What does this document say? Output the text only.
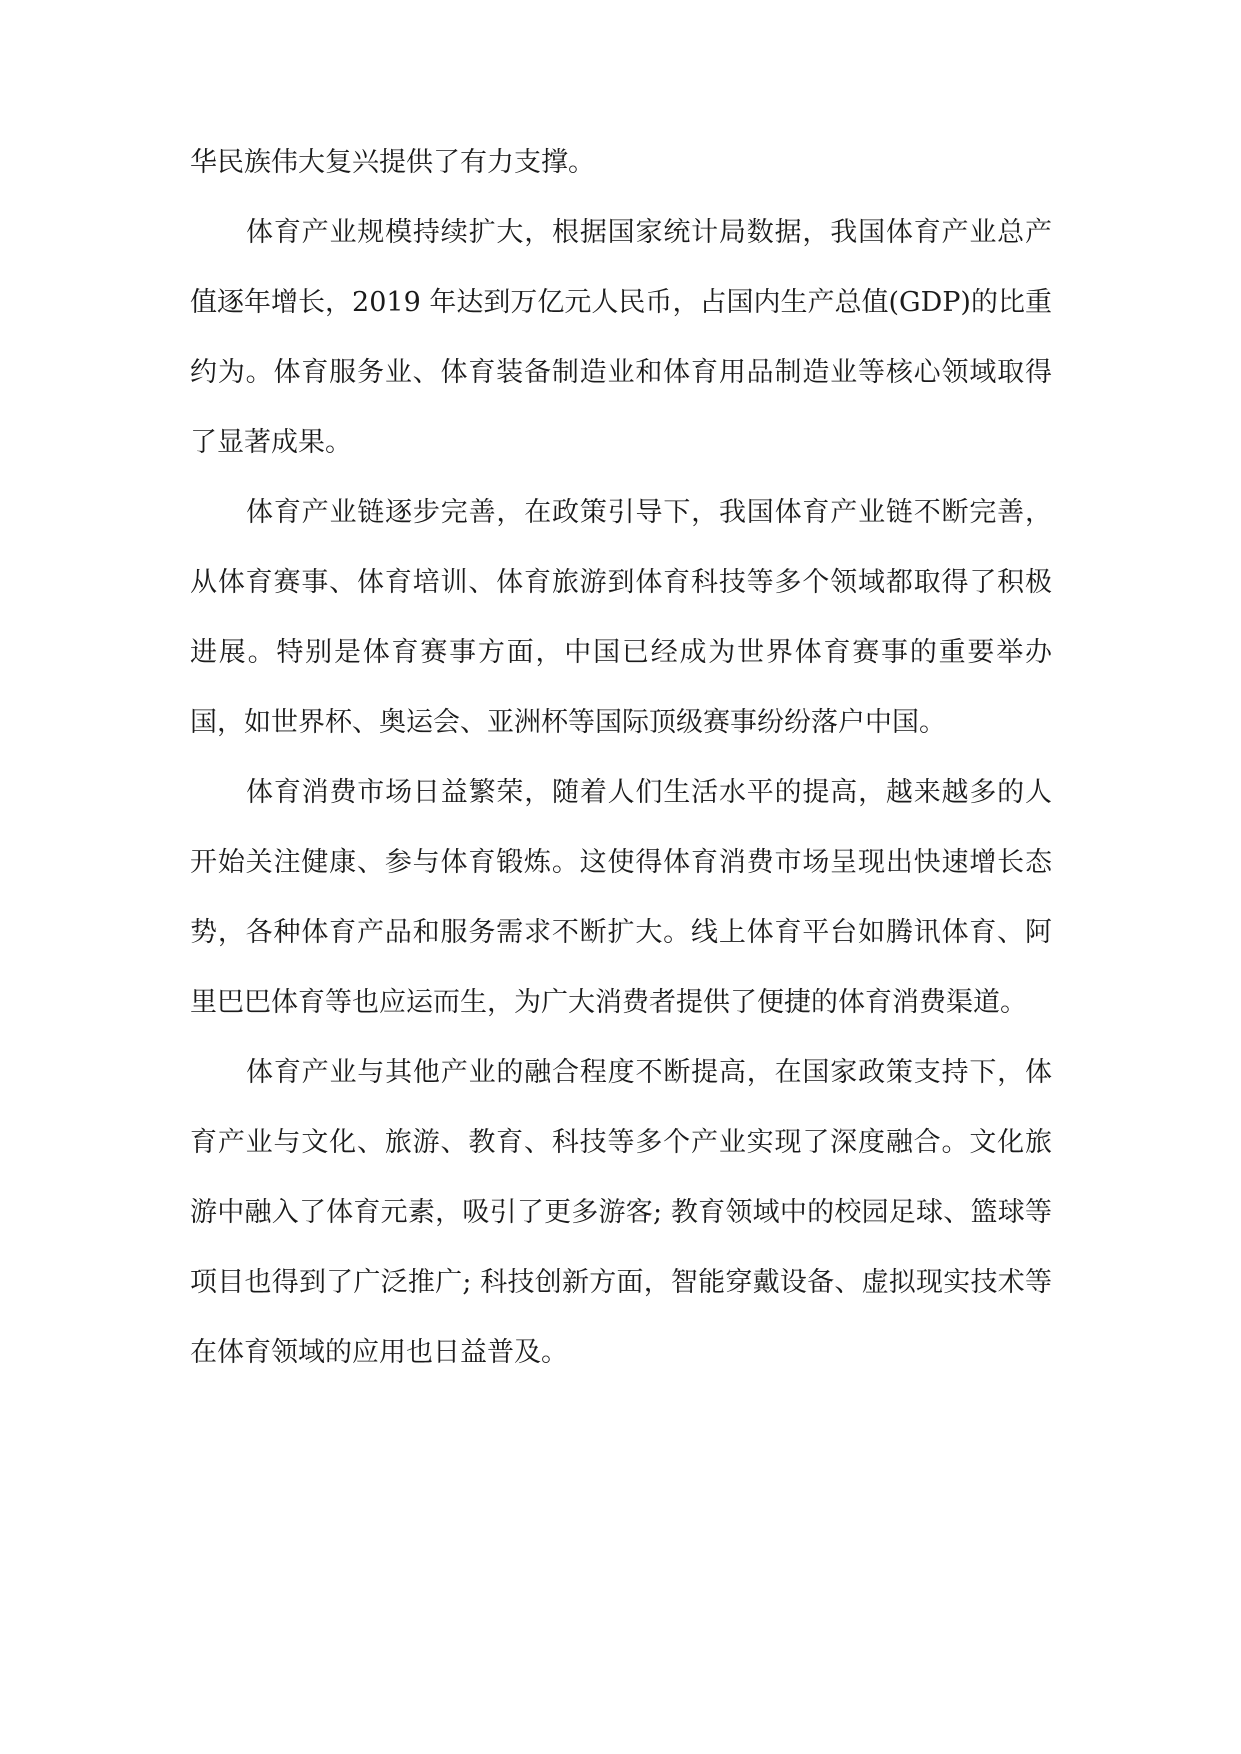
华民族伟大复兴提供了有力支撑。

体育产业规模持续扩大，根据国家统计局数据，我国体育产业总产值逐年增长，2019 年达到万亿元人民币，占国内生产总值(GDP)的比重约为。体育服务业、体育装备制造业和体育用品制造业等核心领域取得了显著成果。

体育产业链逐步完善，在政策引导下，我国体育产业链不断完善，从体育赛事、体育培训、体育旅游到体育科技等多个领域都取得了积极进展。特别是体育赛事方面，中国已经成为世界体育赛事的重要举办国，如世界杯、奥运会、亚洲杯等国际顶级赛事纷纷落户中国。

体育消费市场日益繁荣，随着人们生活水平的提高，越来越多的人开始关注健康、参与体育锻炼。这使得体育消费市场呈现出快速增长态势，各种体育产品和服务需求不断扩大。线上体育平台如腾讯体育、阿里巴巴体育等也应运而生，为广大消费者提供了便捷的体育消费渠道。

体育产业与其他产业的融合程度不断提高，在国家政策支持下，体育产业与文化、旅游、教育、科技等多个产业实现了深度融合。文化旅游中融入了体育元素，吸引了更多游客; 教育领域中的校园足球、篮球等项目也得到了广泛推广; 科技创新方面，智能穿戴设备、虚拟现实技术等在体育领域的应用也日益普及。
